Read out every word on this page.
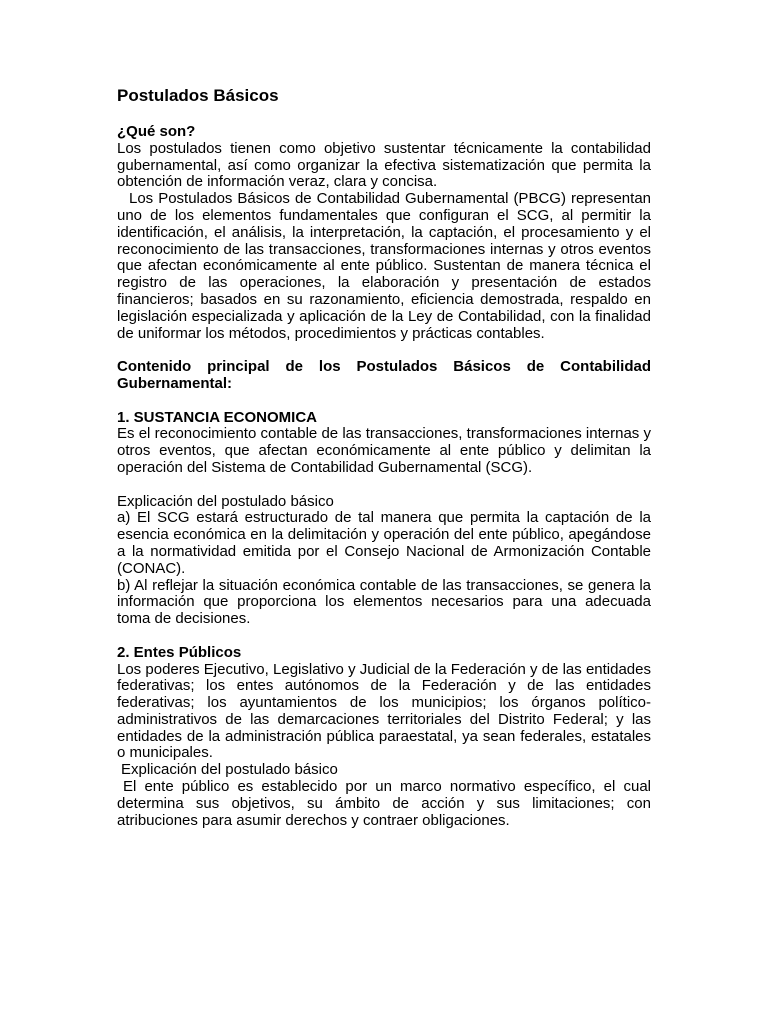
Postulados Básicos
¿Qué son?

Los postulados tienen como objetivo sustentar técnicamente la contabilidad gubernamental, así como organizar la efectiva sistematización que permita la obtención de información veraz, clara y concisa.

Los Postulados Básicos de Contabilidad Gubernamental (PBCG) representan uno de los elementos fundamentales que configuran el SCG, al permitir la identificación, el análisis, la interpretación, la captación, el procesamiento y el reconocimiento de las transacciones, transformaciones internas y otros eventos que afectan económicamente al ente público. Sustentan de manera técnica el registro de las operaciones, la elaboración y presentación de estados financieros; basados en su razonamiento, eficiencia demostrada, respaldo en legislación especializada y aplicación de la Ley de Contabilidad, con la finalidad de uniformar los métodos, procedimientos y prácticas contables.

Contenido principal de los Postulados Básicos de Contabilidad Gubernamental:

1. SUSTANCIA ECONOMICA

Es el reconocimiento contable de las transacciones, transformaciones internas y otros eventos, que afectan económicamente al ente público y delimitan la operación del Sistema de Contabilidad Gubernamental (SCG).

Explicación del postulado básico

a) El SCG estará estructurado de tal manera que permita la captación de la esencia económica en la delimitación y operación del ente público, apegándose a la normatividad emitida por el Consejo Nacional de Armonización Contable (CONAC).

b) Al reflejar la situación económica contable de las transacciones, se genera la información que proporciona los elementos necesarios para una adecuada toma de decisiones.

2. Entes Públicos

Los poderes Ejecutivo, Legislativo y Judicial de la Federación y de las entidades federativas; los entes autónomos de la Federación y de las entidades federativas; los ayuntamientos de los municipios; los órganos político-administrativos de las demarcaciones territoriales del Distrito Federal; y las entidades de la administración pública paraestatal, ya sean federales, estatales o municipales.

Explicación del postulado básico

El ente público es establecido por un marco normativo específico, el cual determina sus objetivos, su ámbito de acción y sus limitaciones; con atribuciones para asumir derechos y contraer obligaciones.
